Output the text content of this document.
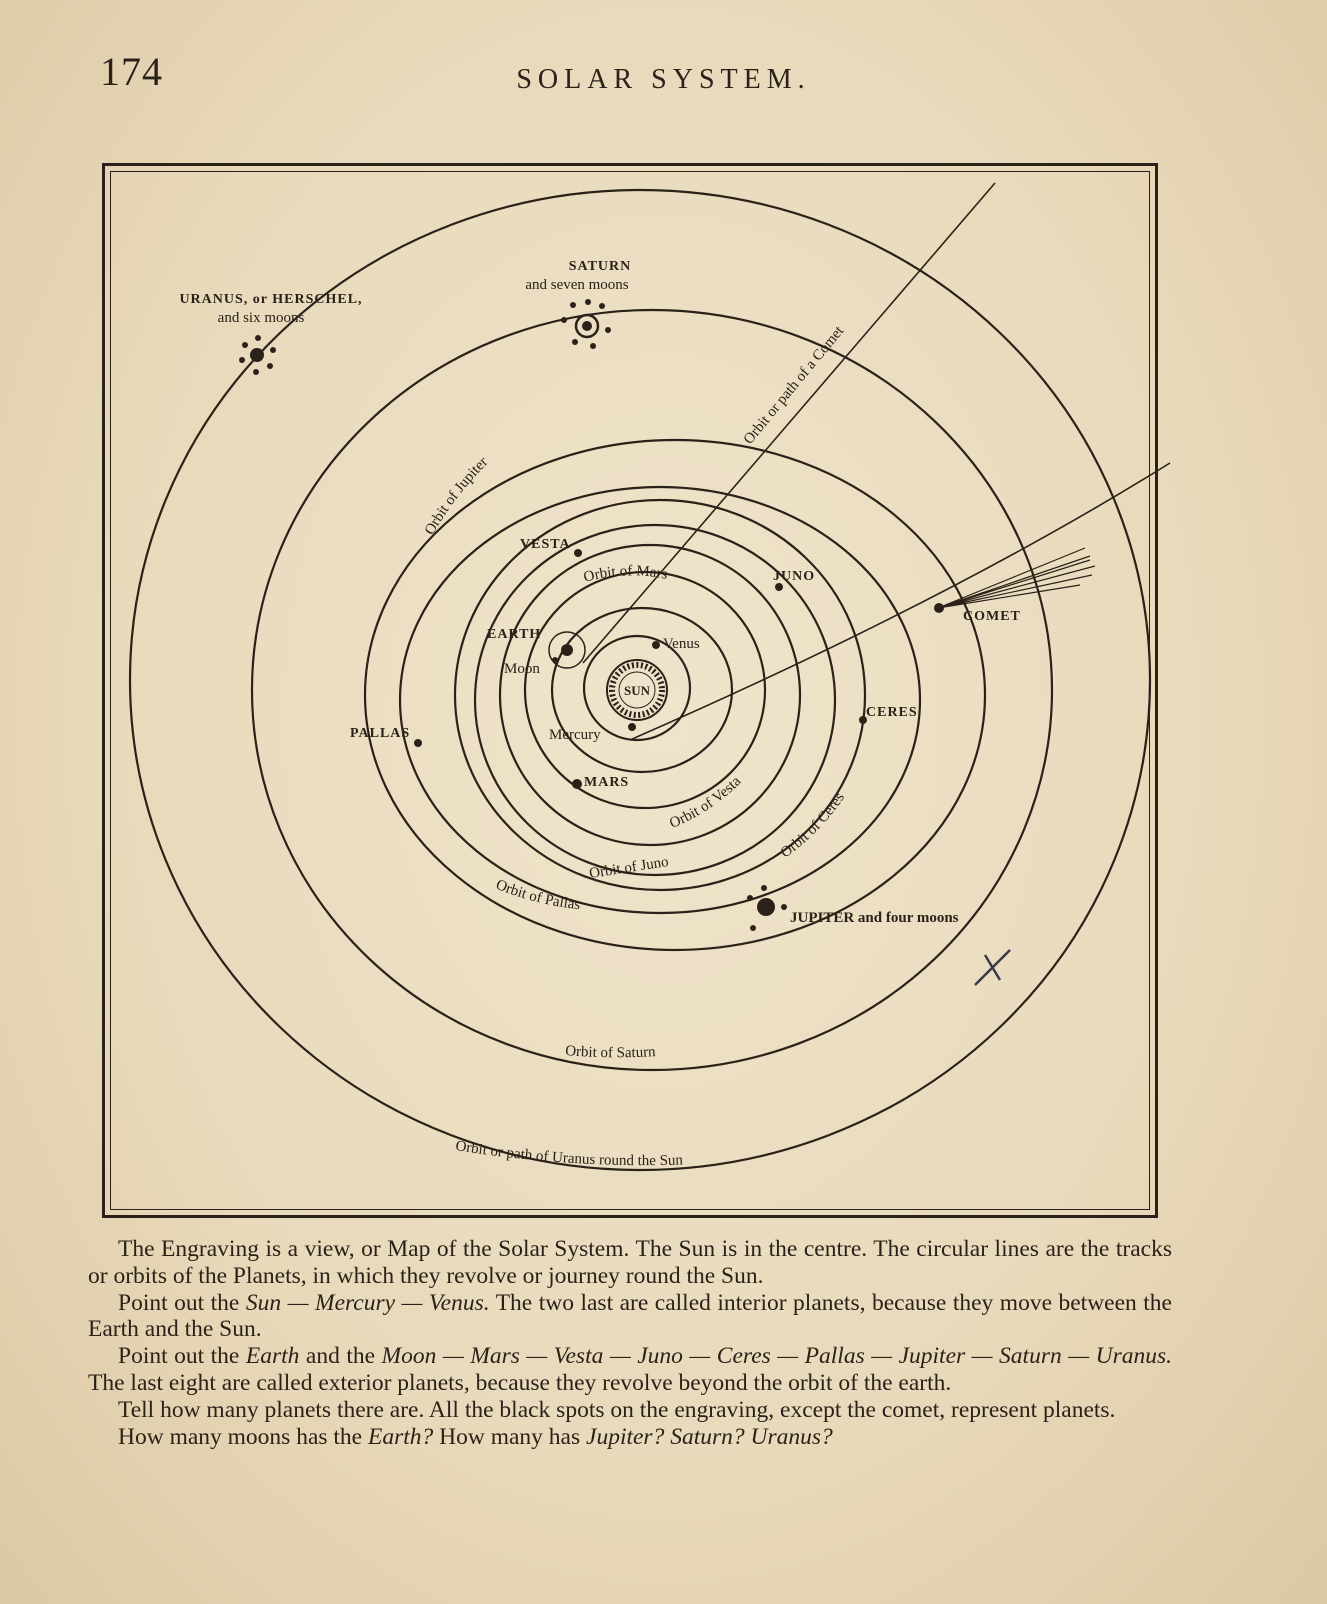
174	SOLAR SYSTEM.
SATURN
and seven moons
URANUS, or HERSCHEL,
and six moons
Orbit or path of a Comet
Orbit of Jupiter
VESTA
JUNO
Orbit of Mars
COMET
EARTH
Venus
Moon
SUN
CERES
PALLAS	Mercury
MARS
Orbit of Vesta
Orbit of Ceres
Orbit of Juno
Orbit of Pallas
JUPITER and four moons
Orbit of Saturn
Orbit or path of Uranus round the Sun

The Engraving is a view, or Map of the Solar System. The Sun is in the centre. The circular lines are the tracks or orbits of the Planets, in which they revolve or journey round the Sun.

Point out the Sun — Mercury — Venus. The two last are called interior planets, because they move between the Earth and the Sun.

Point out the Earth and the Moon — Mars — Vesta — Juno — Ceres — Pallas — Jupiter — Saturn — Uranus. The last eight are called exterior planets, because they revolve beyond the orbit of the earth.

Tell how many planets there are. All the black spots on the engraving, except the comet, represent planets.

How many moons has the Earth? How many has Jupiter? Saturn? Uranus?
